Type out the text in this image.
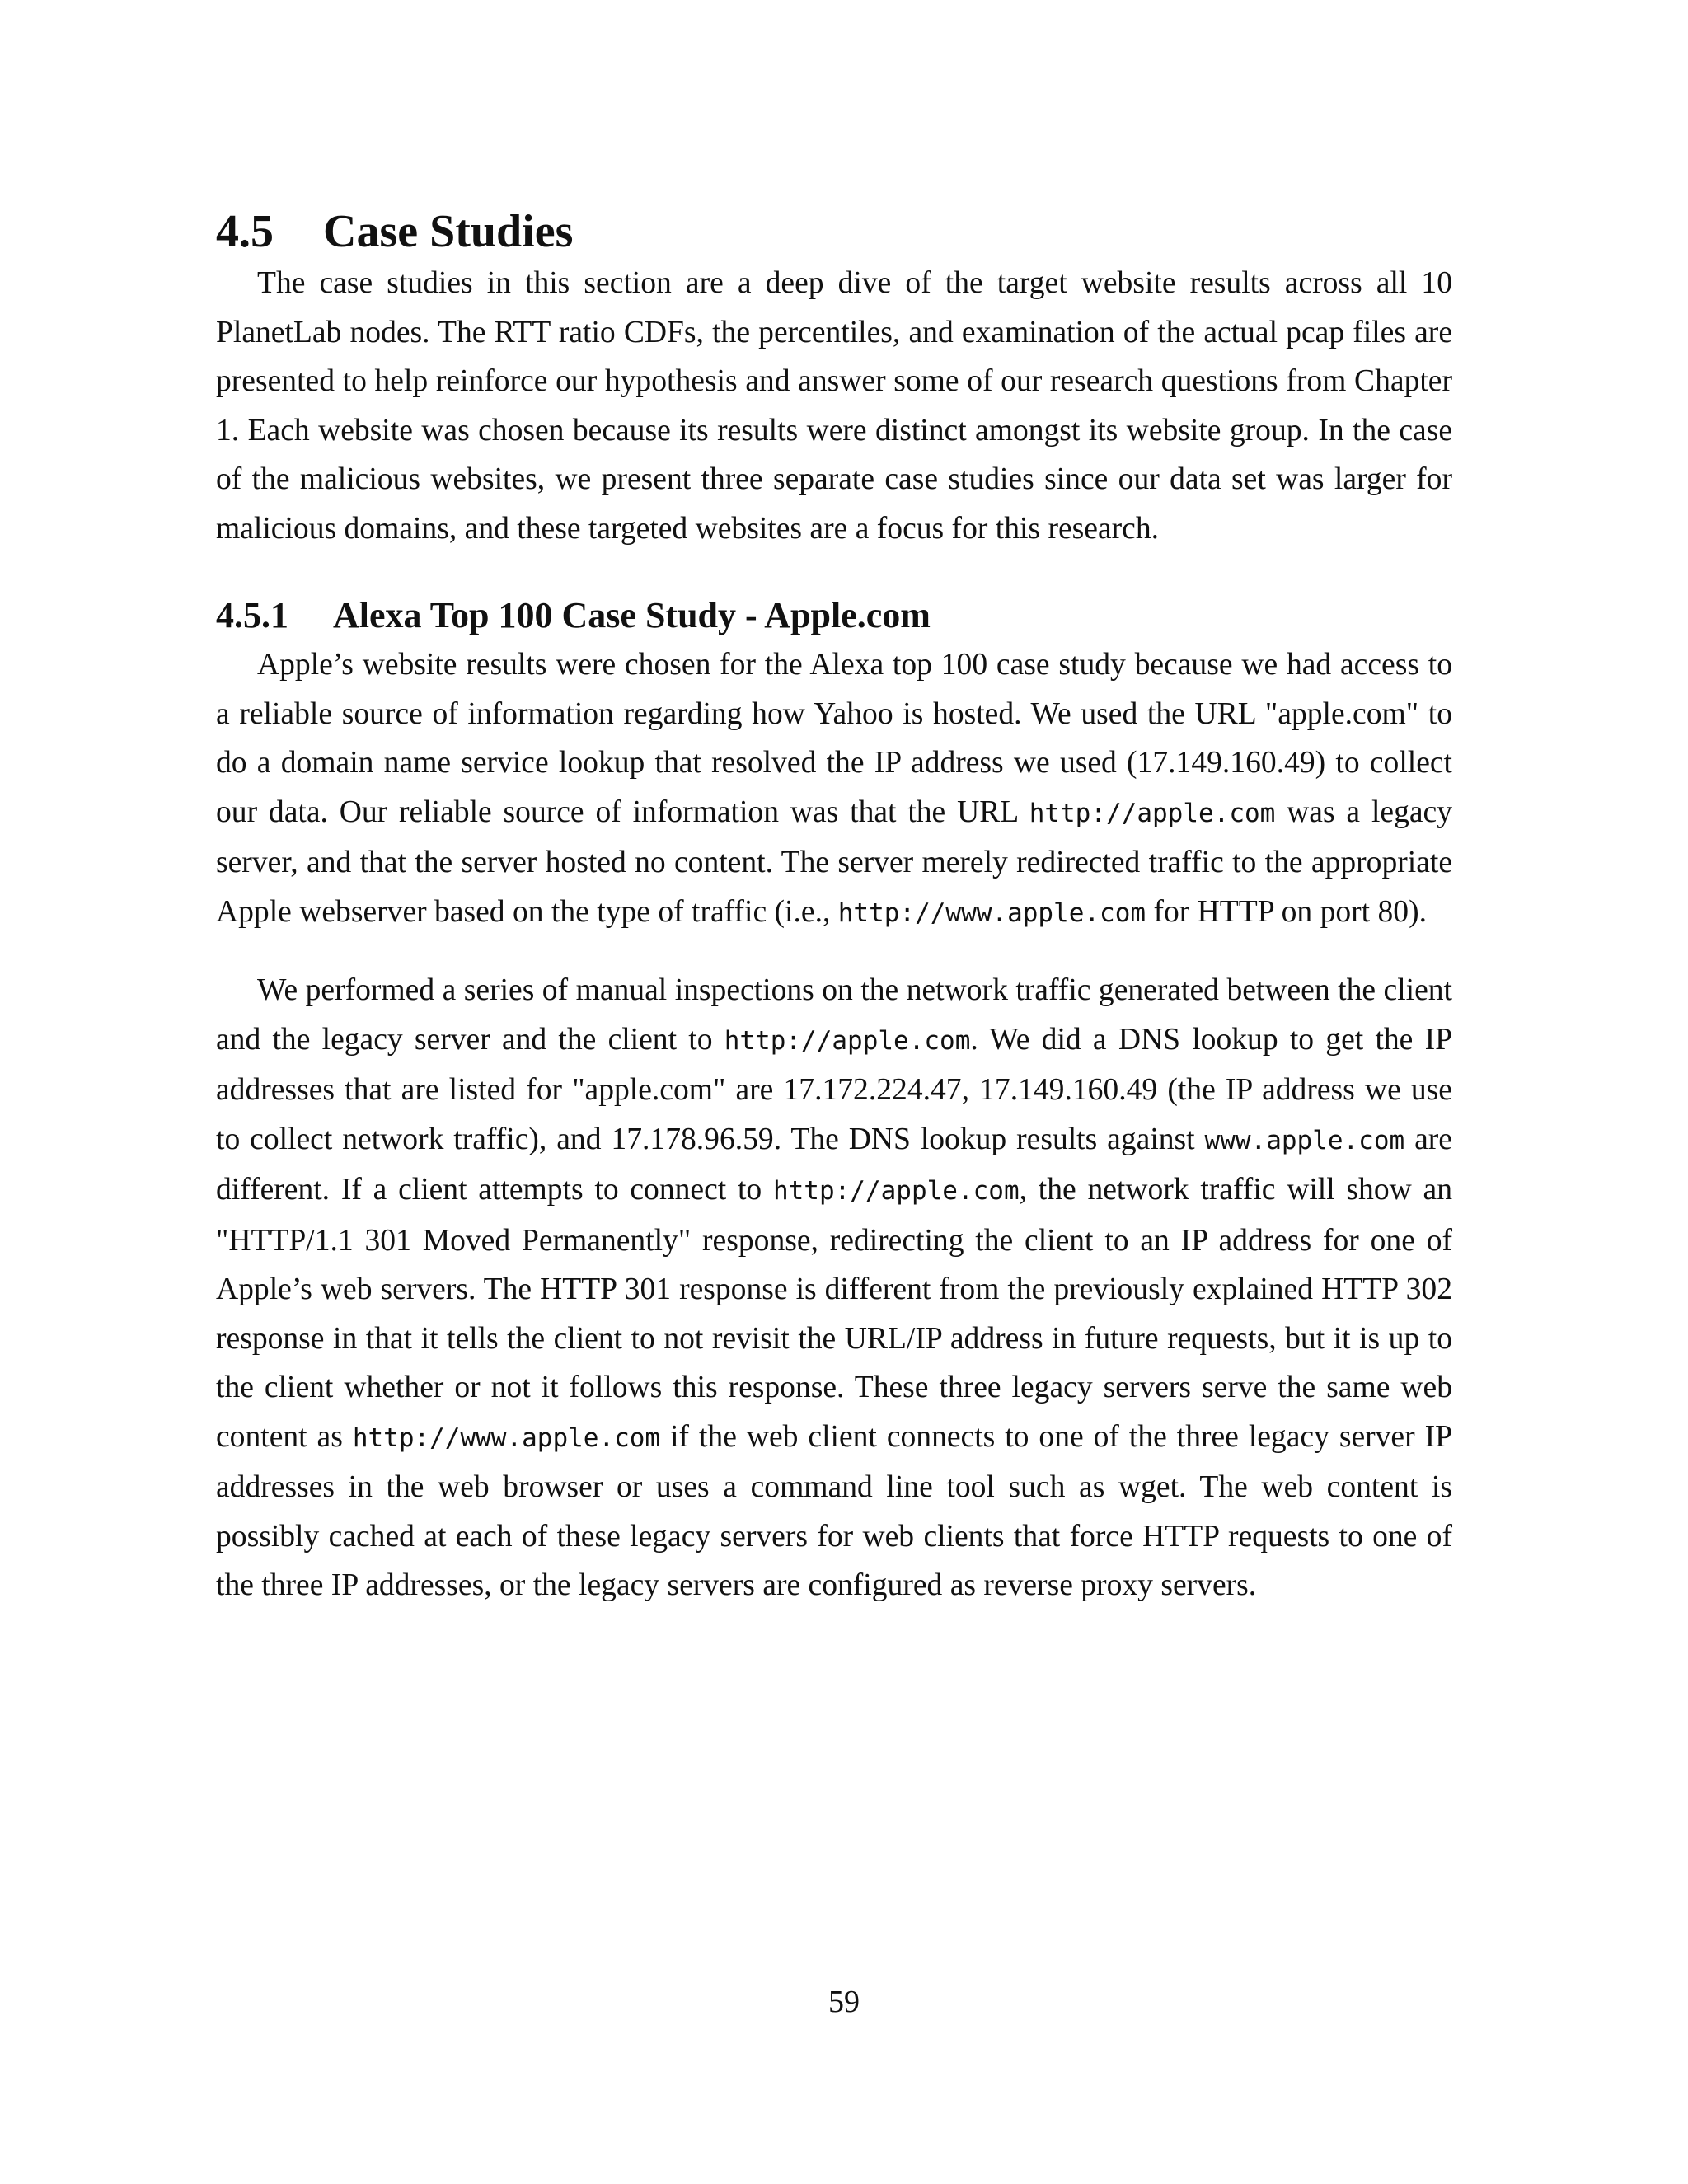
4.5 Case Studies

The case studies in this section are a deep dive of the target website results across all 10 PlanetLab nodes. The RTT ratio CDFs, the percentiles, and examination of the actual pcap files are presented to help reinforce our hypothesis and answer some of our research questions from Chapter 1. Each website was chosen because its results were distinct amongst its website group. In the case of the malicious websites, we present three separate case studies since our data set was larger for malicious domains, and these targeted websites are a focus for this research.

4.5.1 Alexa Top 100 Case Study - Apple.com

Apple’s website results were chosen for the Alexa top 100 case study because we had access to a reliable source of information regarding how Yahoo is hosted. We used the URL "apple.com" to do a domain name service lookup that resolved the IP address we used (17.149.160.49) to collect our data. Our reliable source of information was that the URL http://apple.com was a legacy server, and that the server hosted no content. The server merely redirected traffic to the appropriate Apple webserver based on the type of traffic (i.e., http://www.apple.com for HTTP on port 80).

We performed a series of manual inspections on the network traffic generated between the client and the legacy server and the client to http://apple.com. We did a DNS lookup to get the IP addresses that are listed for "apple.com" are 17.172.224.47, 17.149.160.49 (the IP address we use to collect network traffic), and 17.178.96.59. The DNS lookup results against www.apple.com are different. If a client attempts to connect to http://apple.com, the network traffic will show an "HTTP/1.1 301 Moved Permanently" response, redirecting the client to an IP address for one of Apple’s web servers. The HTTP 301 response is different from the previously explained HTTP 302 response in that it tells the client to not revisit the URL/IP address in future requests, but it is up to the client whether or not it follows this response. These three legacy servers serve the same web content as http://www.apple.com if the web client connects to one of the three legacy server IP addresses in the web browser or uses a command line tool such as wget. The web content is possibly cached at each of these legacy servers for web clients that force HTTP requests to one of the three IP addresses, or the legacy servers are configured as reverse proxy servers.

59
